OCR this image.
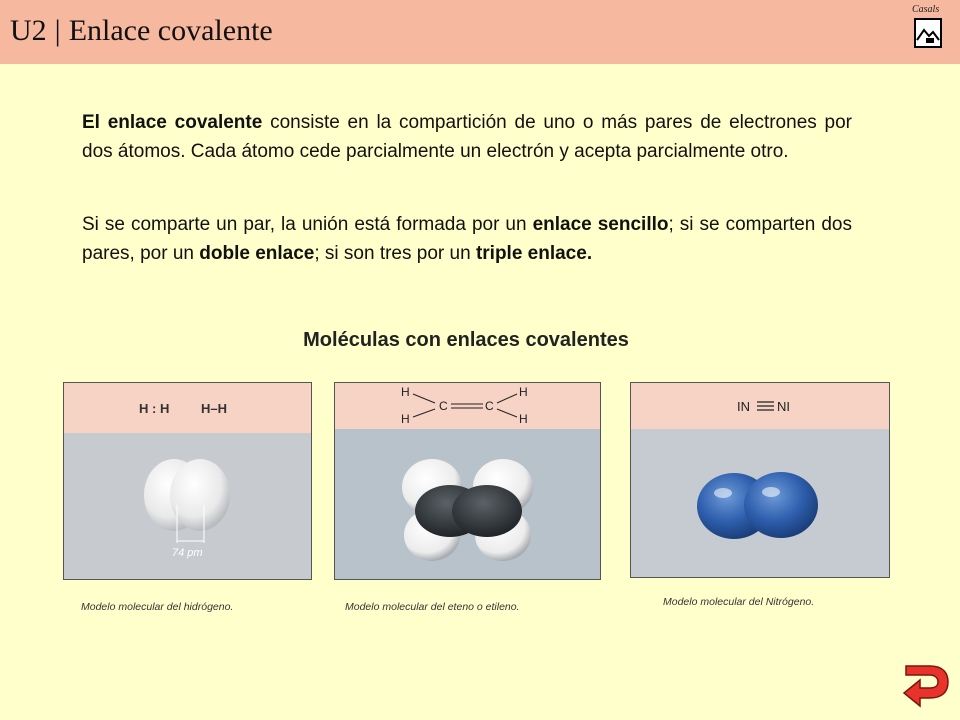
U2 | Enlace covalente
Casals

El enlace covalente consiste en la compartición de uno o más pares de electrones por dos átomos. Cada átomo cede parcialmente un electrón y acepta parcialmente otro.

Si se comparte un par, la unión está formada por un enlace sencillo; si se comparten dos pares, por un doble enlace; si son tres por un triple enlace.

Moléculas con enlaces covalentes
H : H H–H
74 pm
Modelo molecular del hidrógeno.
H	H
H	H
C	C
Modelo molecular del eteno o etileno.
IN NI
Modelo molecular del Nitrógeno.
